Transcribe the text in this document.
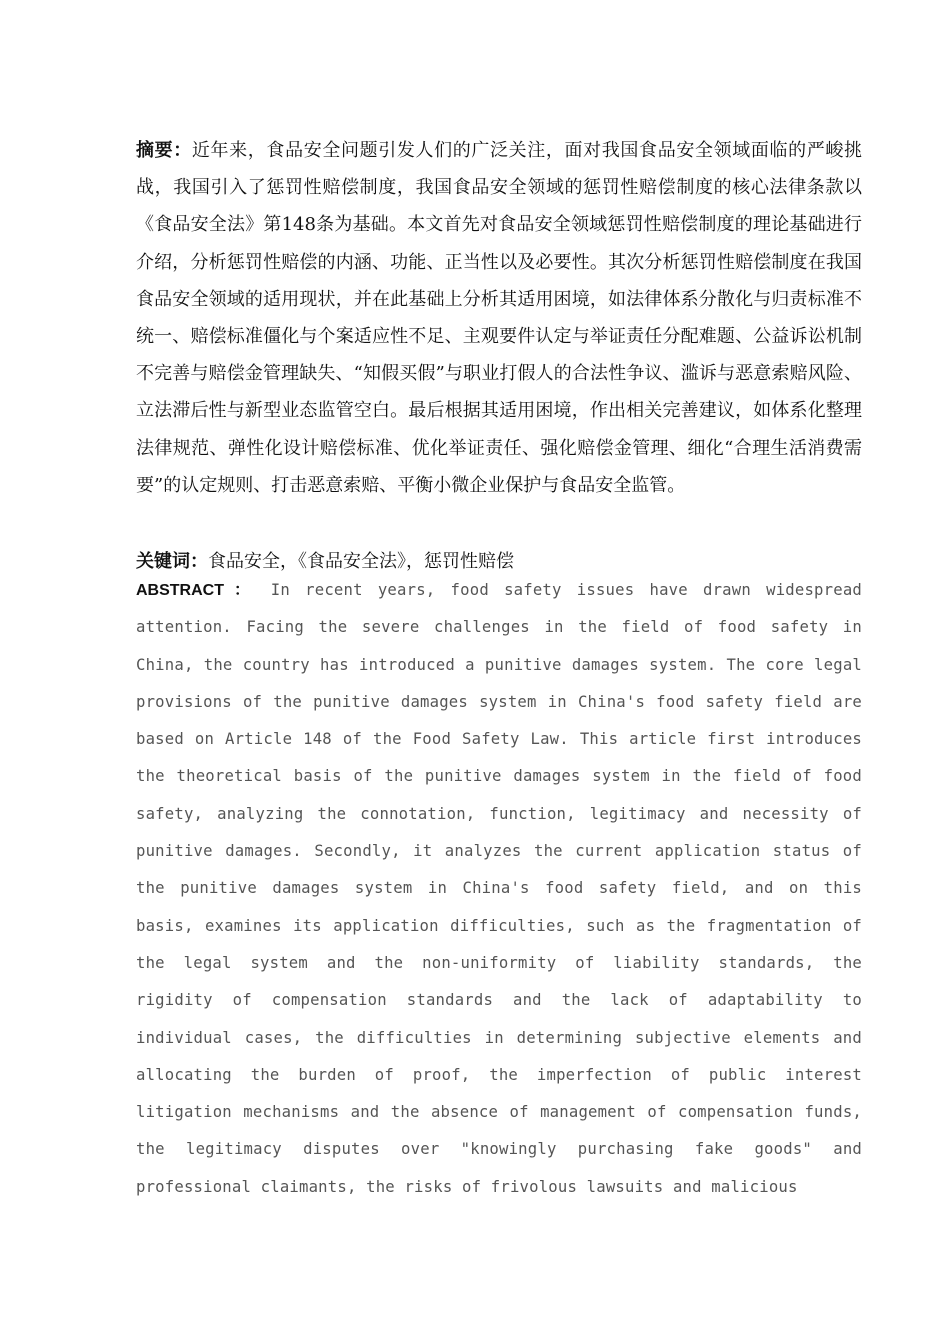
摘要：近年来，食品安全问题引发人们的广泛关注，面对我国食品安全领域面临的严峻挑战，我国引入了惩罚性赔偿制度，我国食品安全领域的惩罚性赔偿制度的核心法律条款以《食品安全法》第148条为基础。本文首先对食品安全领域惩罚性赔偿制度的理论基础进行介绍，分析惩罚性赔偿的内涵、功能、正当性以及必要性。其次分析惩罚性赔偿制度在我国食品安全领域的适用现状，并在此基础上分析其适用困境，如法律体系分散化与归责标准不统一、赔偿标准僵化与个案适应性不足、主观要件认定与举证责任分配难题、公益诉讼机制不完善与赔偿金管理缺失、“知假买假”与职业打假人的合法性争议、滥诉与恶意索赔风险、立法滞后性与新型业态监管空白。最后根据其适用困境，作出相关完善建议，如体系化整理法律规范、弹性化设计赔偿标准、优化举证责任、强化赔偿金管理、细化“合理生活消费需要”的认定规则、打击恶意索赔、平衡小微企业保护与食品安全监管。

关键词：食品安全，《食品安全法》，惩罚性赔偿

ABSTRACT ： In recent years, food safety issues have drawn widespread attention. Facing the severe challenges in the field of food safety in China, the country has introduced a punitive damages system. The core legal provisions of the punitive damages system in China's food safety field are based on Article 148 of the Food Safety Law. This article first introduces the theoretical basis of the punitive damages system in the field of food safety, analyzing the connotation, function, legitimacy and necessity of punitive damages. Secondly, it analyzes the current application status of the punitive damages system in China's food safety field, and on this basis, examines its application difficulties, such as the fragmentation of the legal system and the non-uniformity of liability standards, the rigidity of compensation standards and the lack of adaptability to individual cases, the difficulties in determining subjective elements and allocating the burden of proof, the imperfection of public interest litigation mechanisms and the absence of management of compensation funds, the legitimacy disputes over "knowingly purchasing fake goods" and professional claimants, the risks of frivolous lawsuits and malicious
